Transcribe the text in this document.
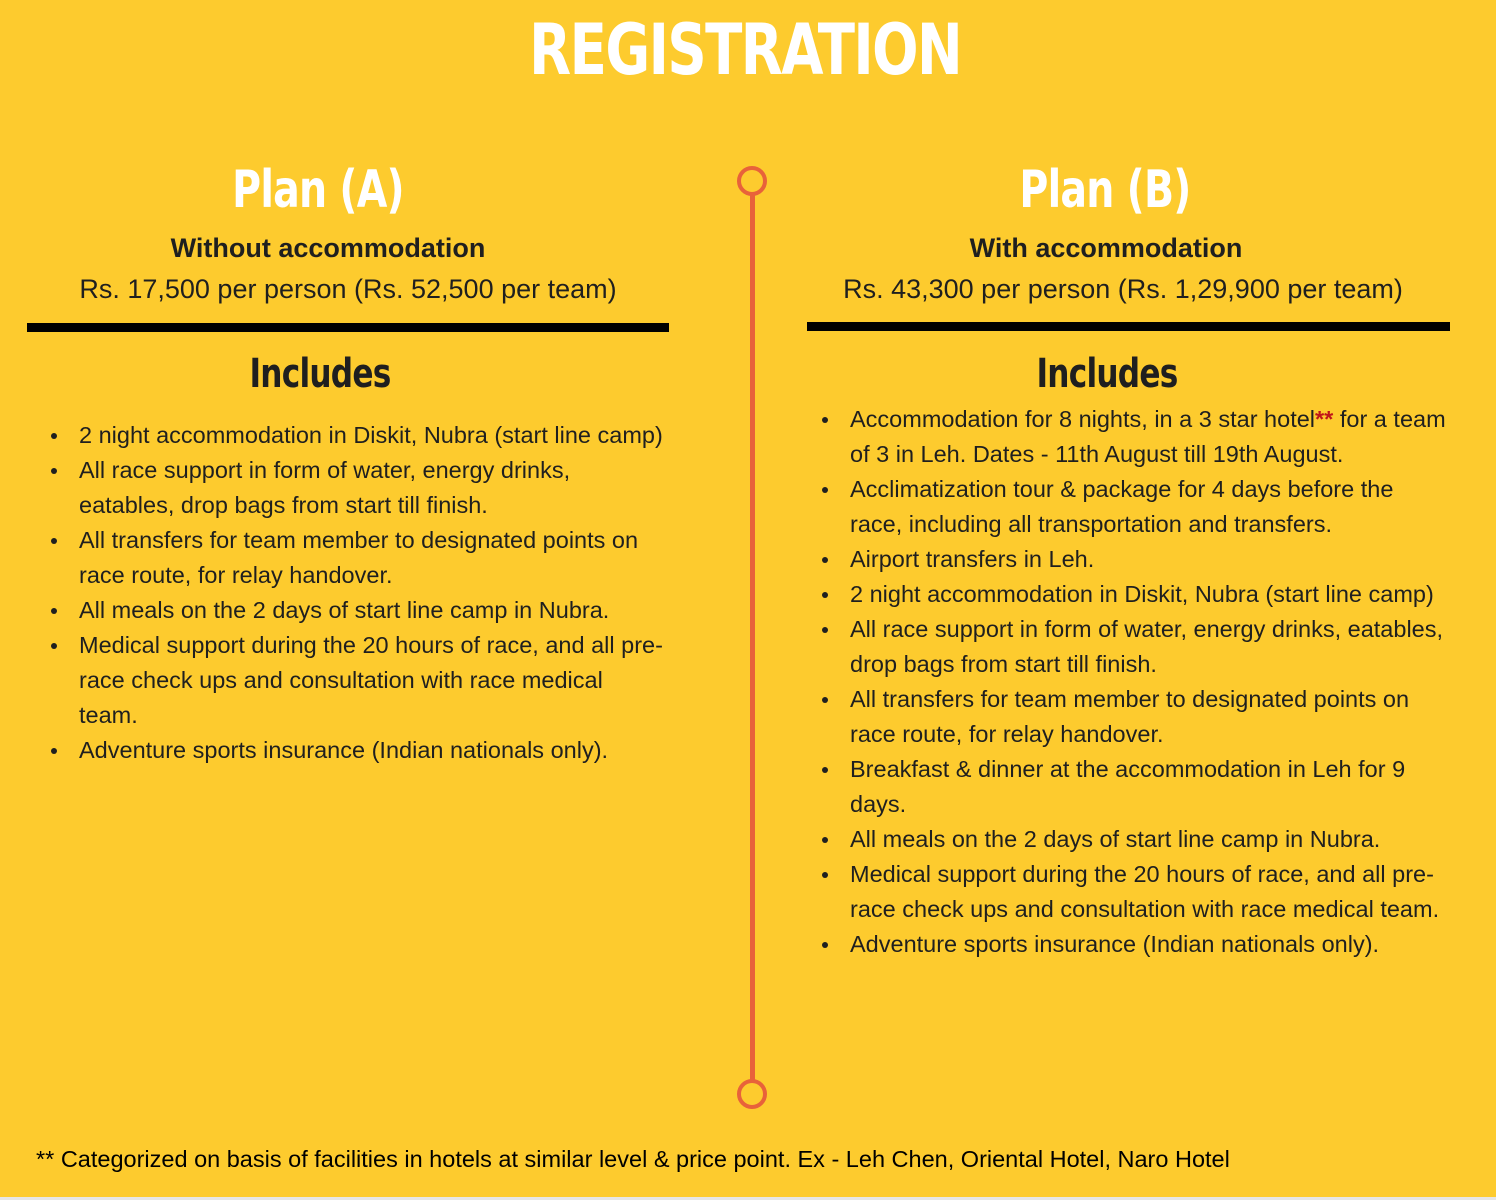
REGISTRATION
Plan (A)
Without accommodation
Rs. 17,500 per person (Rs. 52,500 per team)
Includes
2 night accommodation in Diskit, Nubra (start line camp)
All race support in form of water, energy drinks, eatables, drop bags from start till finish.
All transfers for team member to designated points on race route, for relay handover.
All meals on the 2 days of start line camp in Nubra.
Medical support during the 20 hours of race, and all pre-race check ups and consultation with race medical team.
Adventure sports insurance (Indian nationals only).
Plan (B)
With accommodation
Rs. 43,300 per person (Rs. 1,29,900 per team)
Includes
Accommodation for 8 nights, in a 3 star hotel** for a team of 3 in Leh. Dates - 11th August till 19th August.
Acclimatization tour & package for 4 days before the race, including all transportation and transfers.
Airport transfers in Leh.
2 night accommodation in Diskit, Nubra (start line camp)
All race support in form of water, energy drinks, eatables, drop bags from start till finish.
All transfers for team member to designated points on race route, for relay handover.
Breakfast & dinner at the accommodation in Leh for 9 days.
All meals on the 2 days of start line camp in Nubra.
Medical support during the 20 hours of race, and all pre-race check ups and consultation with race medical team.
Adventure sports insurance (Indian nationals only).
** Categorized on basis of facilities in hotels at similar level & price point. Ex - Leh Chen, Oriental Hotel, Naro Hotel
